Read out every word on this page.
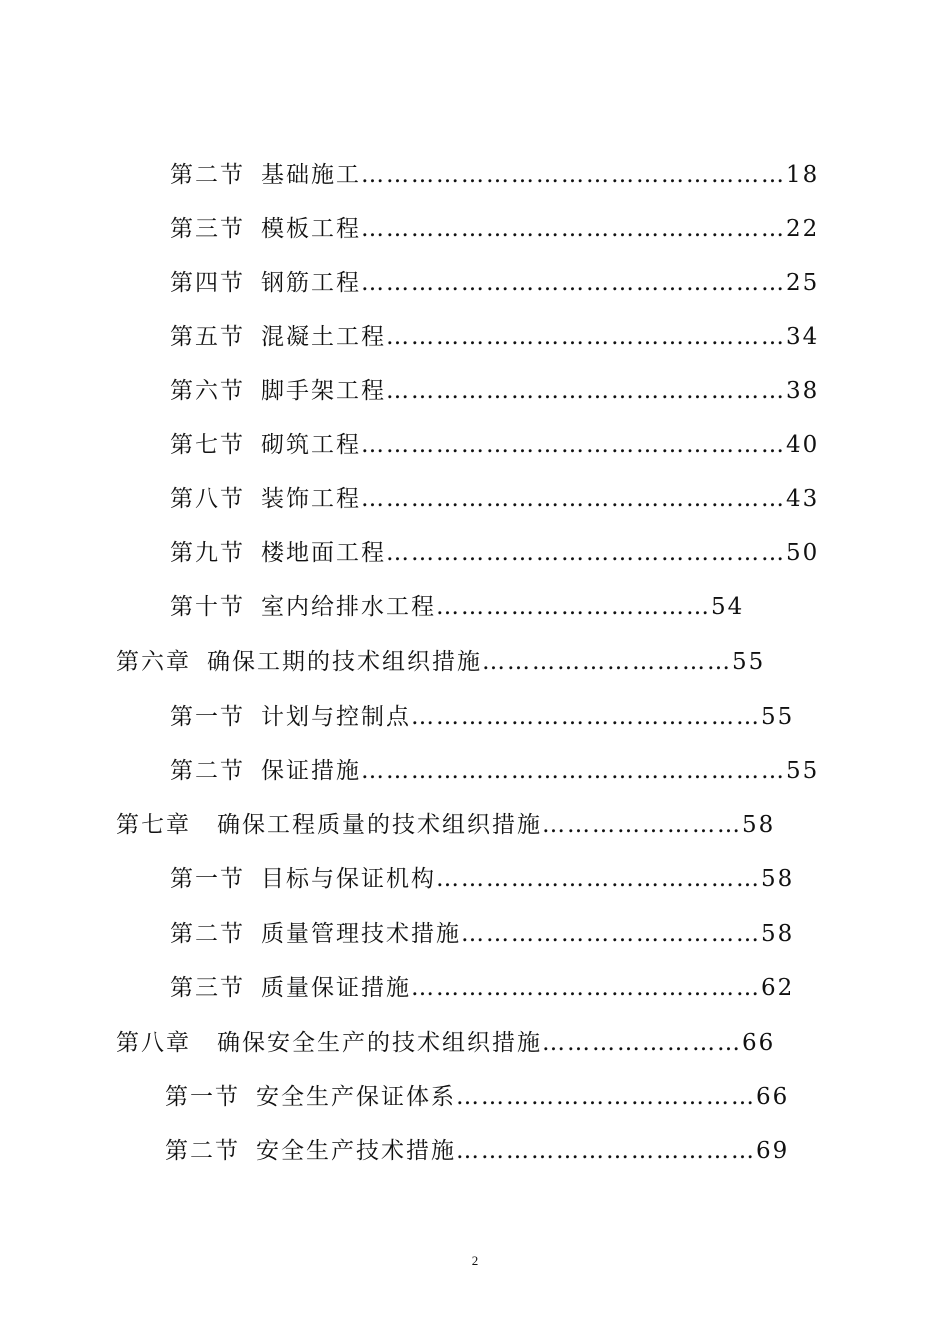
第二节 基础施工……………………………………………18
第三节 模板工程……………………………………………22
第四节 钢筋工程……………………………………………25
第五节 混凝土工程…………………………………………34
第六节 脚手架工程…………………………………………38
第七节 砌筑工程……………………………………………40
第八节 装饰工程……………………………………………43
第九节 楼地面工程…………………………………………50
第十节 室内给排水工程……………………………54
第六章 确保工期的技术组织措施…………………………55
第一节 计划与控制点……………………………………55
第二节 保证措施……………………………………………55
第七章 确保工程质量的技术组织措施……………………58
第一节 目标与保证机构…………………………………58
第二节 质量管理技术措施………………………………58
第三节 质量保证措施……………………………………62
第八章 确保安全生产的技术组织措施……………………66
第一节 安全生产保证体系………………………………66
第二节 安全生产技术措施………………………………69
2
